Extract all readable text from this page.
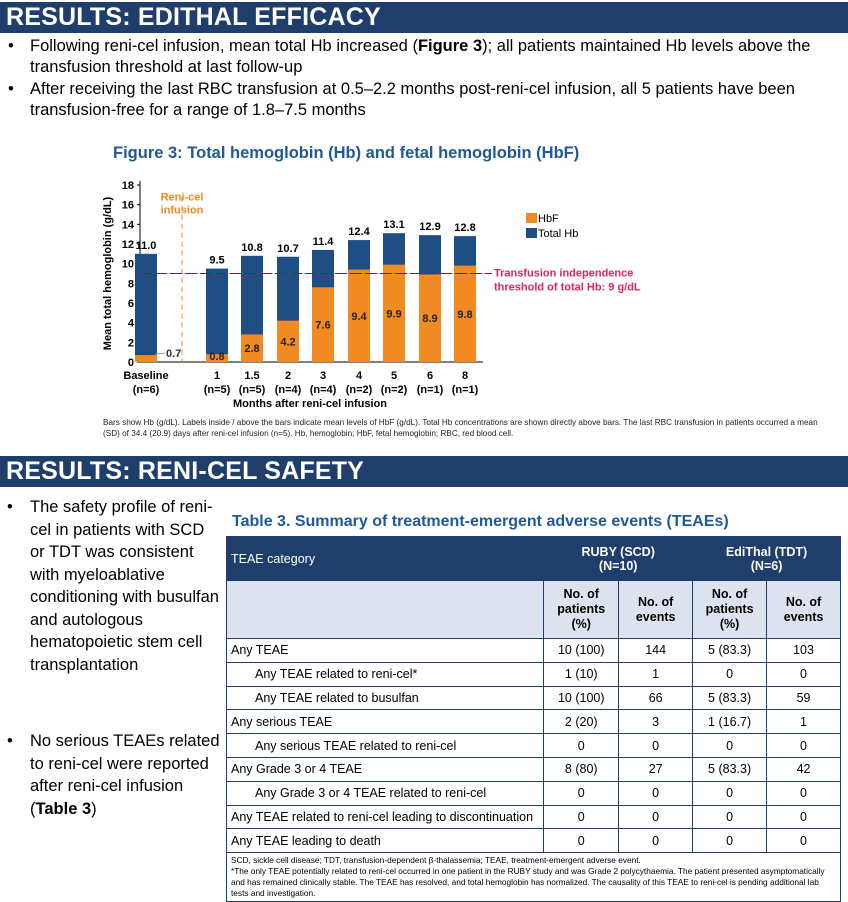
RESULTS: EDITHAL EFFICACY
• Following reni-cel infusion, mean total Hb increased (Figure 3); all patients maintained Hb levels above the transfusion threshold at last follow-up
• After receiving the last RBC transfusion at 0.5–2.2 months post-reni-cel infusion, all 5 patients have been transfusion-free for a range of 1.8–7.5 months
Figure 3: Total hemoglobin (Hb) and fetal hemoglobin (HbF)
0
2
4
6
8
10
12
14
16
18
Mean total hemoglobin (g/dL) 11.0
0.7
Baseline
(n=6)
9.5
0.8
1
(n=5)
10.8
2.8
1.5
(n=5)
10.7
4.2
2
(n=4)
11.4
7.6
3
(n=4)
12.4
9.4
4
(n=2)
13.1
9.9
5
(n=2)
12.9
8.9
6
(n=1)
12.8
9.8
8
(n=1)
Months after reni-cel infusion
Reni-cel infusion
Transfusion independence
threshold of total Hb: 9 g/dL
HbF
Total Hb
Bars show Hb (g/dL). Labels inside / above the bars indicate mean levels of HbF (g/dL). Total Hb concentrations are shown directly above bars. The last RBC transfusion in patients occurred a mean (SD) of 34.4 (20.9) days after reni-cel infusion (n=5). Hb, hemoglobin; HbF, fetal hemoglobin; RBC, red blood cell.
RESULTS: RENI-CEL SAFETY
• The safety profile of reni-cel in patients with SCD or TDT was consistent with myeloablative conditioning with busulfan and autologous hematopoietic stem cell transplantation
• No serious TEAEs related to reni-cel were reported after reni-cel infusion (Table 3)
Table 3. Summary of treatment-emergent adverse events (TEAEs)
TEAE category	RUBY (SCD)
(N=10)		EdiThal (TDT)
(N=6)	
	No. of patients (%)	No. of events	No. of patients (%)	No. of events
Any TEAE	10 (100)	144	5 (83.3)	103
Any TEAE related to reni-cel*	1 (10)	1	0	0
Any TEAE related to busulfan	10 (100)	66	5 (83.3)	59
Any serious TEAE	2 (20)	3	1 (16.7)	1
Any serious TEAE related to reni-cel	0	0	0	0
Any Grade 3 or 4 TEAE	8 (80)	27	5 (83.3)	42
Any Grade 3 or 4 TEAE related to reni-cel	0	0	0	0
Any TEAE related to reni-cel leading to discontinuation	0	0	0	0
Any TEAE leading to death	0	0	0	0

SCD, sickle cell disease; TDT, transfusion-dependent β-thalassemia; TEAE, treatment-emergent adverse event.
*The only TEAE potentially related to reni-cel occurred in one patient in the RUBY study and was Grade 2 polycythaemia. The patient presented asymptomatically and has remained clinically stable. The TEAE has resolved, and total hemoglobin has normalized. The causality of this TEAE to reni-cel is pending additional lab tests and investigation.				
